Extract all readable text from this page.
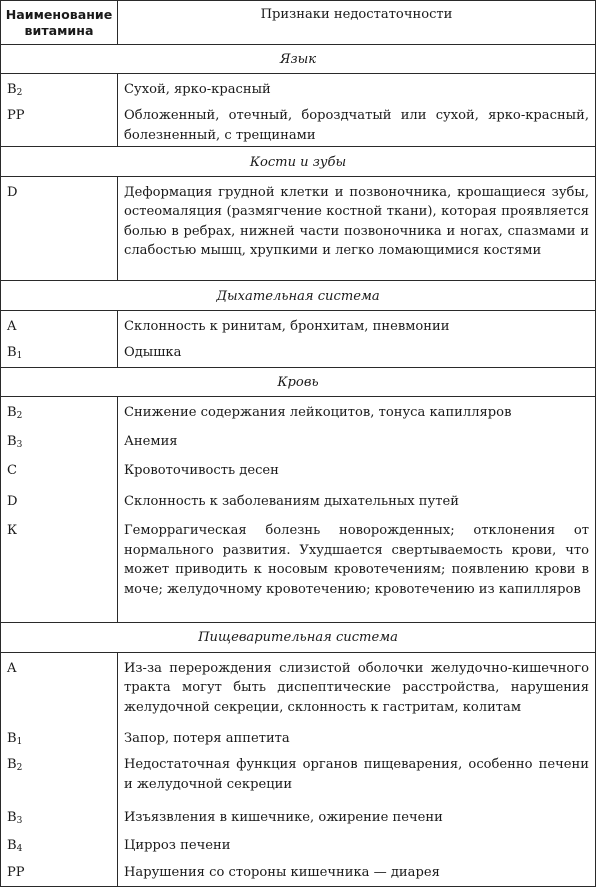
Наименование витамина	Признаки недостаточности
Язык	

$B_2$	Сухой, ярко-красный

PP	Обложенный, отечный, бороздчатый или сухой, ярко-красный, болезненный, с трещинами

Кости и зубы	

D	Деформация грудной клетки и позвоночника, крошащиеся зубы, остеомаляция (размягчение костной ткани), которая проявляется болью в ребрах, нижней части позвоночника и ногах, спазмами и слабостью мышц, хрупкими и легко ломающимися костями

Дыхательная система	

A	Склонность к ринитам, бронхитам, пневмонии

$B_1$	Одышка

Кровь	

$B_2$	Снижение содержания лейкоцитов, тонуса капилляров

$B_3$	Анемия

C	Кровоточивость десен

D	Склонность к заболеваниям дыхательных путей

К	Геморрагическая болезнь новорожденных; отклонения от нормального развития. Ухудшается свертываемость крови, что может приводить к носовым кровотечениям; появлению крови в моче; желудочному кровотечению; кровотечению из капилляров

Пищеварительная система	

A	Из-за перерождения слизистой оболочки желудочно-кишечного тракта могут быть диспептические расстройства, нарушения желудочной секреции, склонность к гастритам, колитам

$B_1$	Запор, потеря аппетита

$B_2$	Недостаточная функция органов пищеварения, особенно печени и желудочной секреции

$B_3$	Изъязвления в кишечнике, ожирение печени

$B_4$	Цирроз печени

PP	Нарушения со стороны кишечника — диарея
